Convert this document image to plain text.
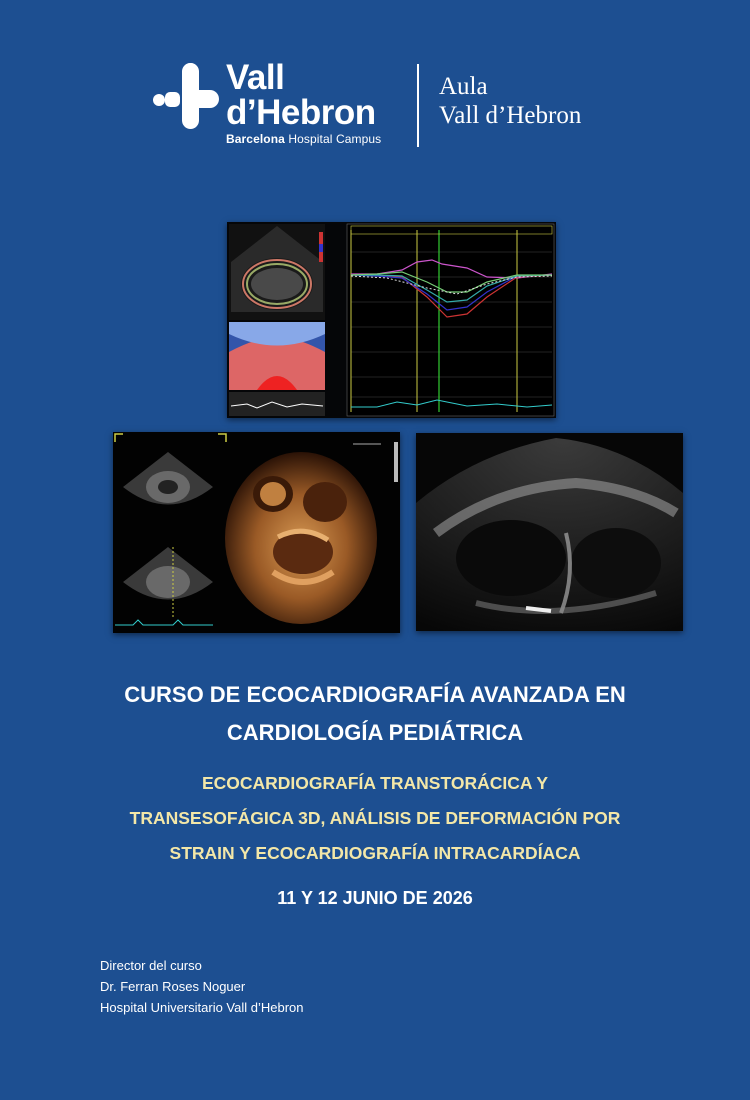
Vall
d’Hebron
Barcelona Hospital Campus
Aula
Vall d’Hebron
CURSO DE ECOCARDIOGRAFÍA AVANZADA EN
CARDIOLOGÍA PEDIÁTRICA
ECOCARDIOGRAFÍA TRANSTORÁCICA Y
TRANSESOFÁGICA 3D, ANÁLISIS DE DEFORMACIÓN POR
STRAIN Y ECOCARDIOGRAFÍA INTRACARDÍACA
11 Y 12 JUNIO DE 2026
Director del curso
Dr. Ferran Roses Noguer
Hospital Universitario Vall d’Hebron
